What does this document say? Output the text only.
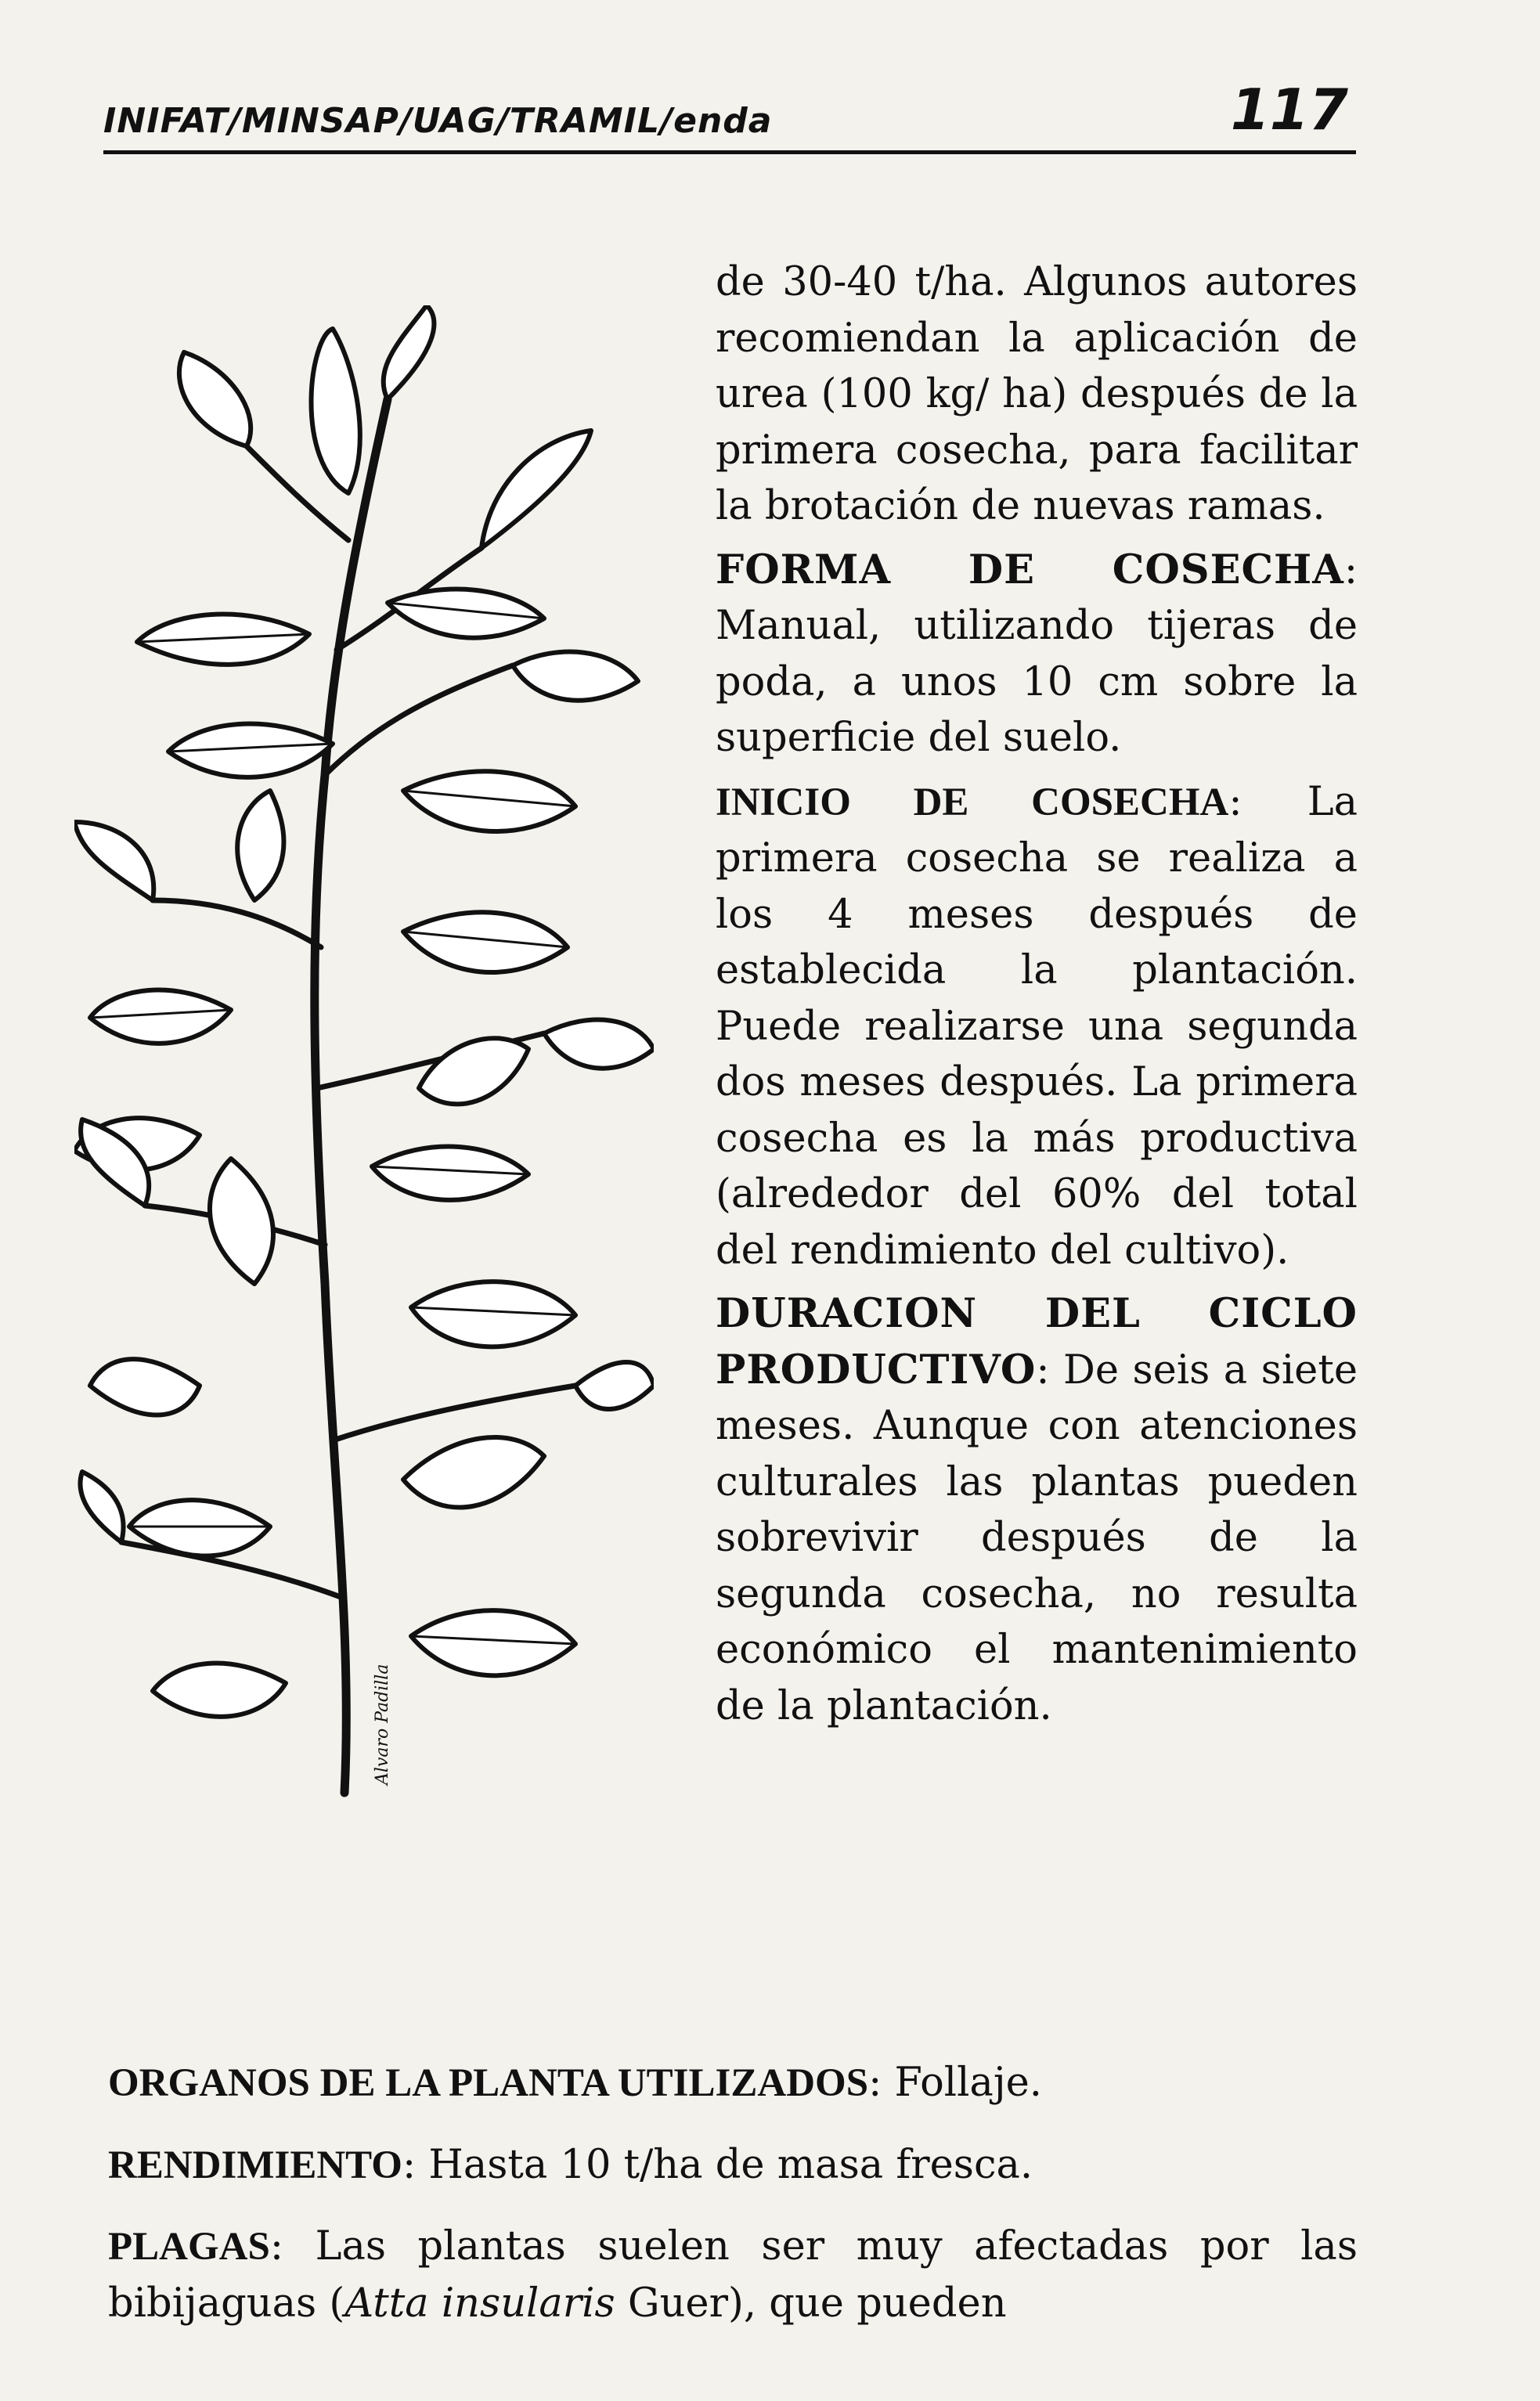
INIFAT/MINSAP/UAG/TRAMIL/enda	117
Alvaro Padilla

de 30-40 t/ha. Algunos autores recomiendan la aplicación de urea (100 kg/ ha) después de la primera cosecha, para facilitar la brotación de nuevas ramas.

FORMA DE COSECHA: Manual, utilizando tijeras de poda, a unos 10 cm sobre la superficie del suelo.

INICIO DE COSECHA: La primera cosecha se realiza a los 4 meses después de establecida la plantación. Puede realizarse una segunda dos meses después. La primera cosecha es la más productiva (alrededor del 60% del total del rendimiento del cultivo).

DURACION DEL CICLO PRODUCTIVO: De seis a siete meses. Aunque con atenciones culturales las plantas pueden sobrevivir después de la segunda cosecha, no resulta económico el mantenimiento de la plantación.

ORGANOS DE LA PLANTA UTILIZADOS: Follaje.

RENDIMIENTO: Hasta 10 t/ha de masa fresca.

PLAGAS: Las plantas suelen ser muy afectadas por las bibijaguas (Atta insularis Guer), que pueden
